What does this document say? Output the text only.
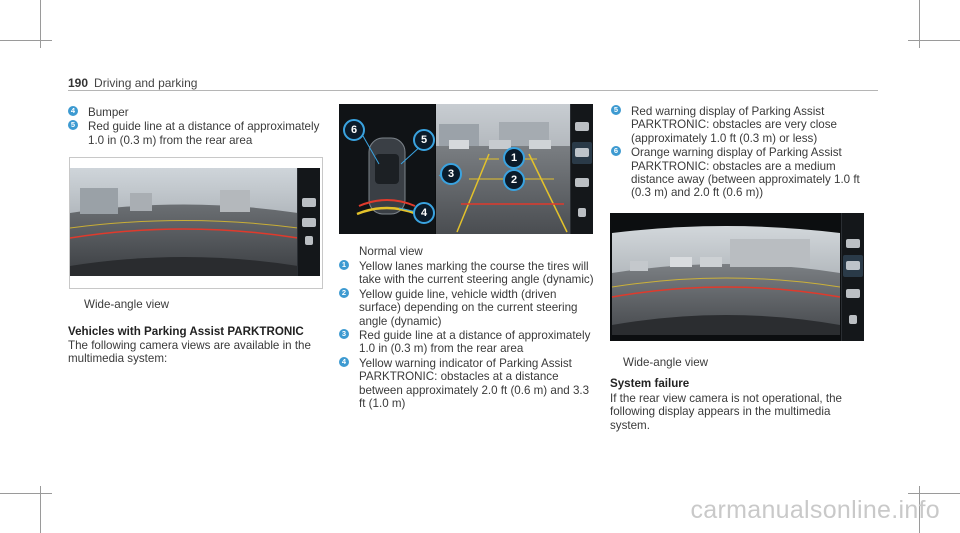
190 Driving and parking
4 Bumper
5 Red guide line at a distance of approximately 1.0 in (0.3 m) from the rear area
Wide-angle view
Vehicles with Parking Assist PARKTRONIC
The following camera views are available in the multimedia system:
6
5
3
1
2
4
Normal view
1 Yellow lanes marking the course the tires will take with the current steering angle (dynamic)
2 Yellow guide line, vehicle width (driven surface) depending on the current steering angle (dynamic)
3 Red guide line at a distance of approximately 1.0 in (0.3 m) from the rear area
4 Yellow warning indicator of Parking Assist PARKTRONIC: obstacles at a distance between approximately 2.0 ft (0.6 m) and 3.3 ft (1.0 m)
5 Red warning display of Parking Assist PARKTRONIC: obstacles are very close (approximately 1.0 ft (0.3 m) or less)
6 Orange warning display of Parking Assist PARKTRONIC: obstacles are a medium distance away (between approximately 1.0 ft (0.3 m) and 2.0 ft (0.6 m))
Wide-angle view
System failure
If the rear view camera is not operational, the following display appears in the multimedia system.
carmanualsonline.info
